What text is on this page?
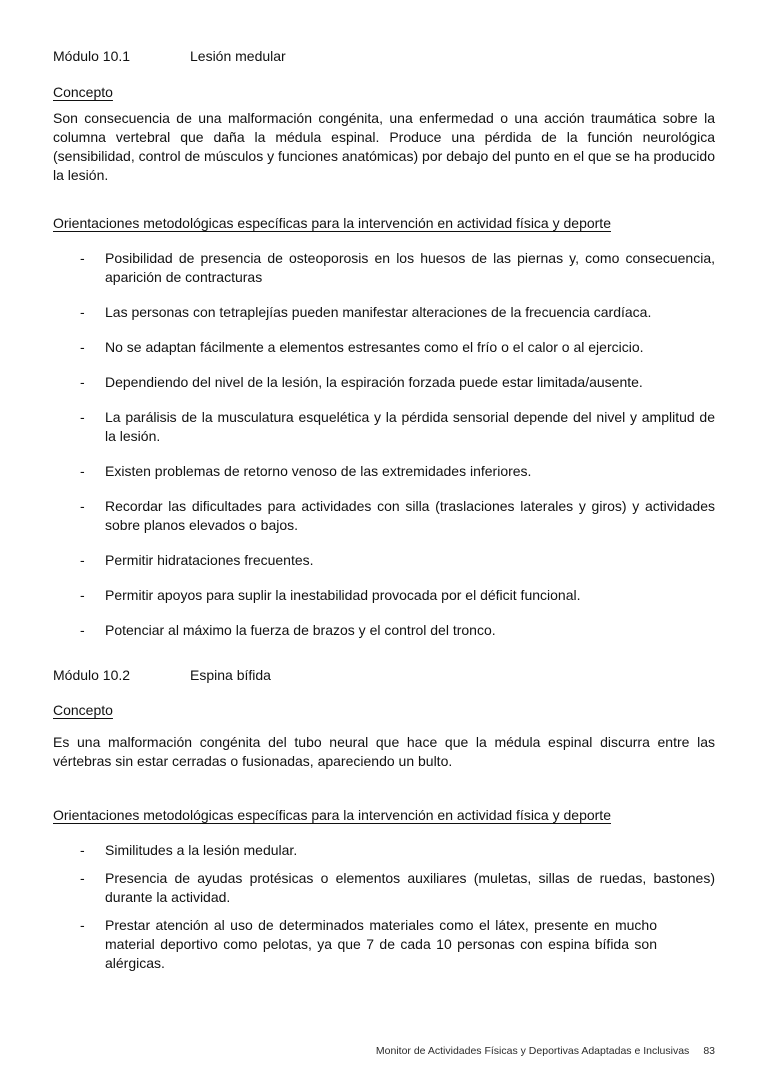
Módulo 10.1	Lesión medular
Concepto

Son consecuencia de una malformación congénita, una enfermedad o una acción traumática sobre la columna vertebral que daña la médula espinal. Produce una pérdida de la función neurológica (sensibilidad, control de músculos y funciones anatómicas) por debajo del punto en el que se ha producido la lesión.

Orientaciones metodológicas específicas para la intervención en actividad física y deporte
-	Posibilidad de presencia de osteoporosis en los huesos de las piernas y, como consecuencia, aparición de contracturas
-	Las personas con tetraplejías pueden manifestar alteraciones de la frecuencia cardíaca.
-	No se adaptan fácilmente a elementos estresantes como el frío o el calor o al ejercicio.
-	Dependiendo del nivel de la lesión, la espiración forzada puede estar limitada/ausente.
-	La parálisis de la musculatura esquelética y la pérdida sensorial depende del nivel y amplitud de la lesión.
-	Existen problemas de retorno venoso de las extremidades inferiores.
-	Recordar las dificultades para actividades con silla (traslaciones laterales y giros) y actividades sobre planos elevados o bajos.
-	Permitir hidrataciones frecuentes.
-	Permitir apoyos para suplir la inestabilidad provocada por el déficit funcional.
-	Potenciar al máximo la fuerza de brazos y el control del tronco.
Módulo 10.2	Espina bífida
Concepto

Es una malformación congénita del tubo neural que hace que la médula espinal discurra entre las vértebras sin estar cerradas o fusionadas, apareciendo un bulto.

Orientaciones metodológicas específicas para la intervención en actividad física y deporte
-	Similitudes a la lesión medular.
-	Presencia de ayudas protésicas o elementos auxiliares (muletas, sillas de ruedas, bastones) durante la actividad.
-	Prestar atención al uso de determinados materiales como el látex, presente en mucho material deportivo como pelotas, ya que 7 de cada 10 personas con espina bífida son alérgicas.
Monitor de Actividades Físicas y Deportivas Adaptadas e Inclusivas 83
